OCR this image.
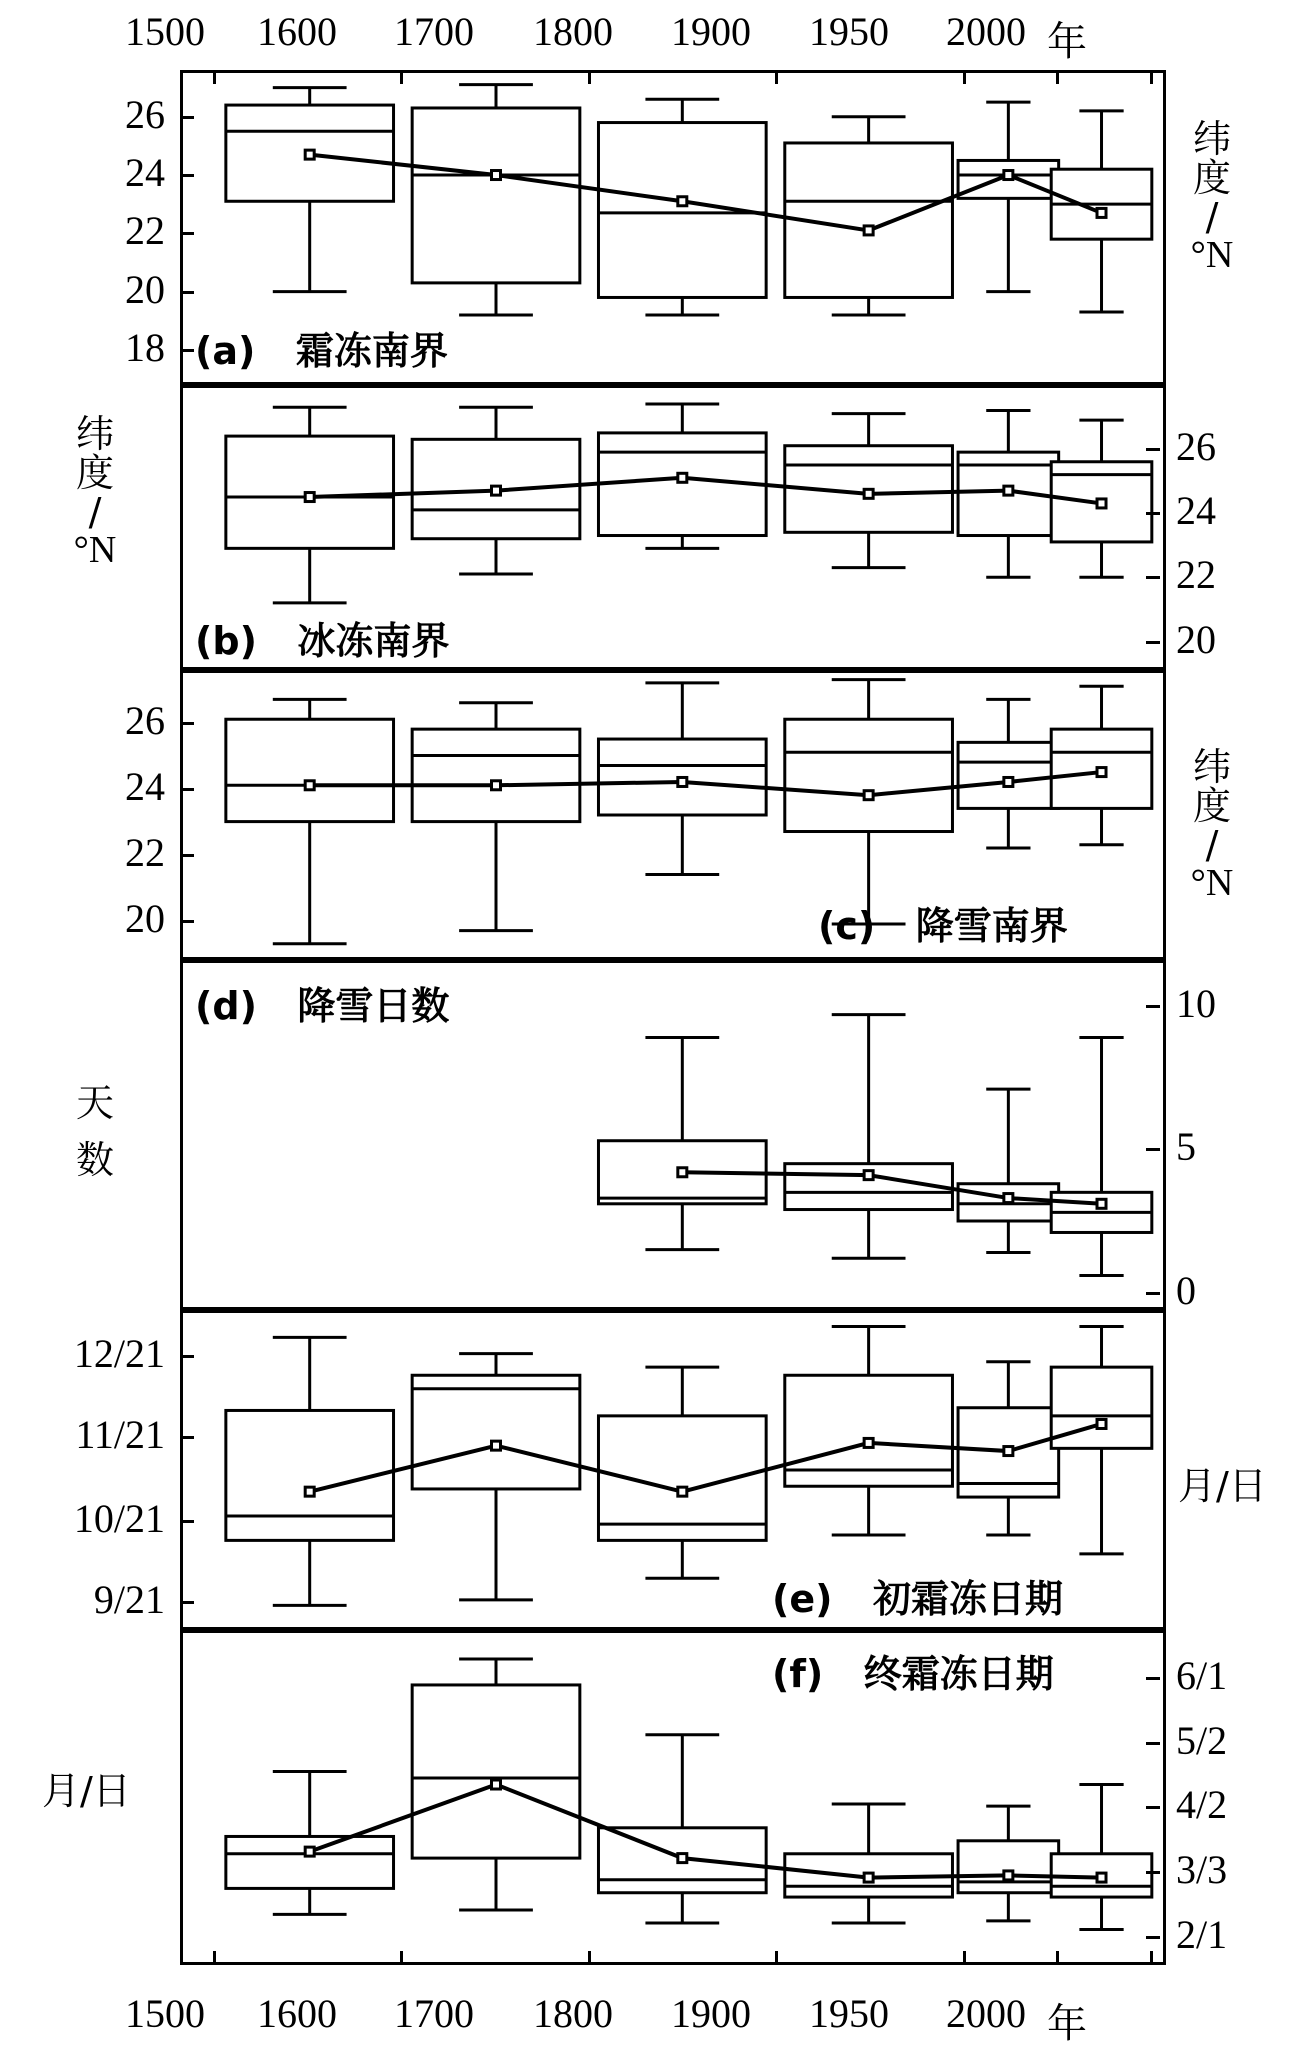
1500	1600	1700	1800	1900	1950	2000 年
1500	1600	1700	1800	1900	1950	2000 年
(a) 霜冻南界
纬
度
/
°N
(b) 冰冻南界
纬
度
/
°N
(c) 降雪南界
纬
度
/
°N
(d) 降雪日数
天
数
(e) 初霜冻日期
月/日
(f) 终霜冻日期
月/日
18
20
22
24
26
20
22
24
26
20
22
24
26
0
5
10
9/21
10/21
11/21
12/21
2/1
3/3
4/2
5/2
6/1
